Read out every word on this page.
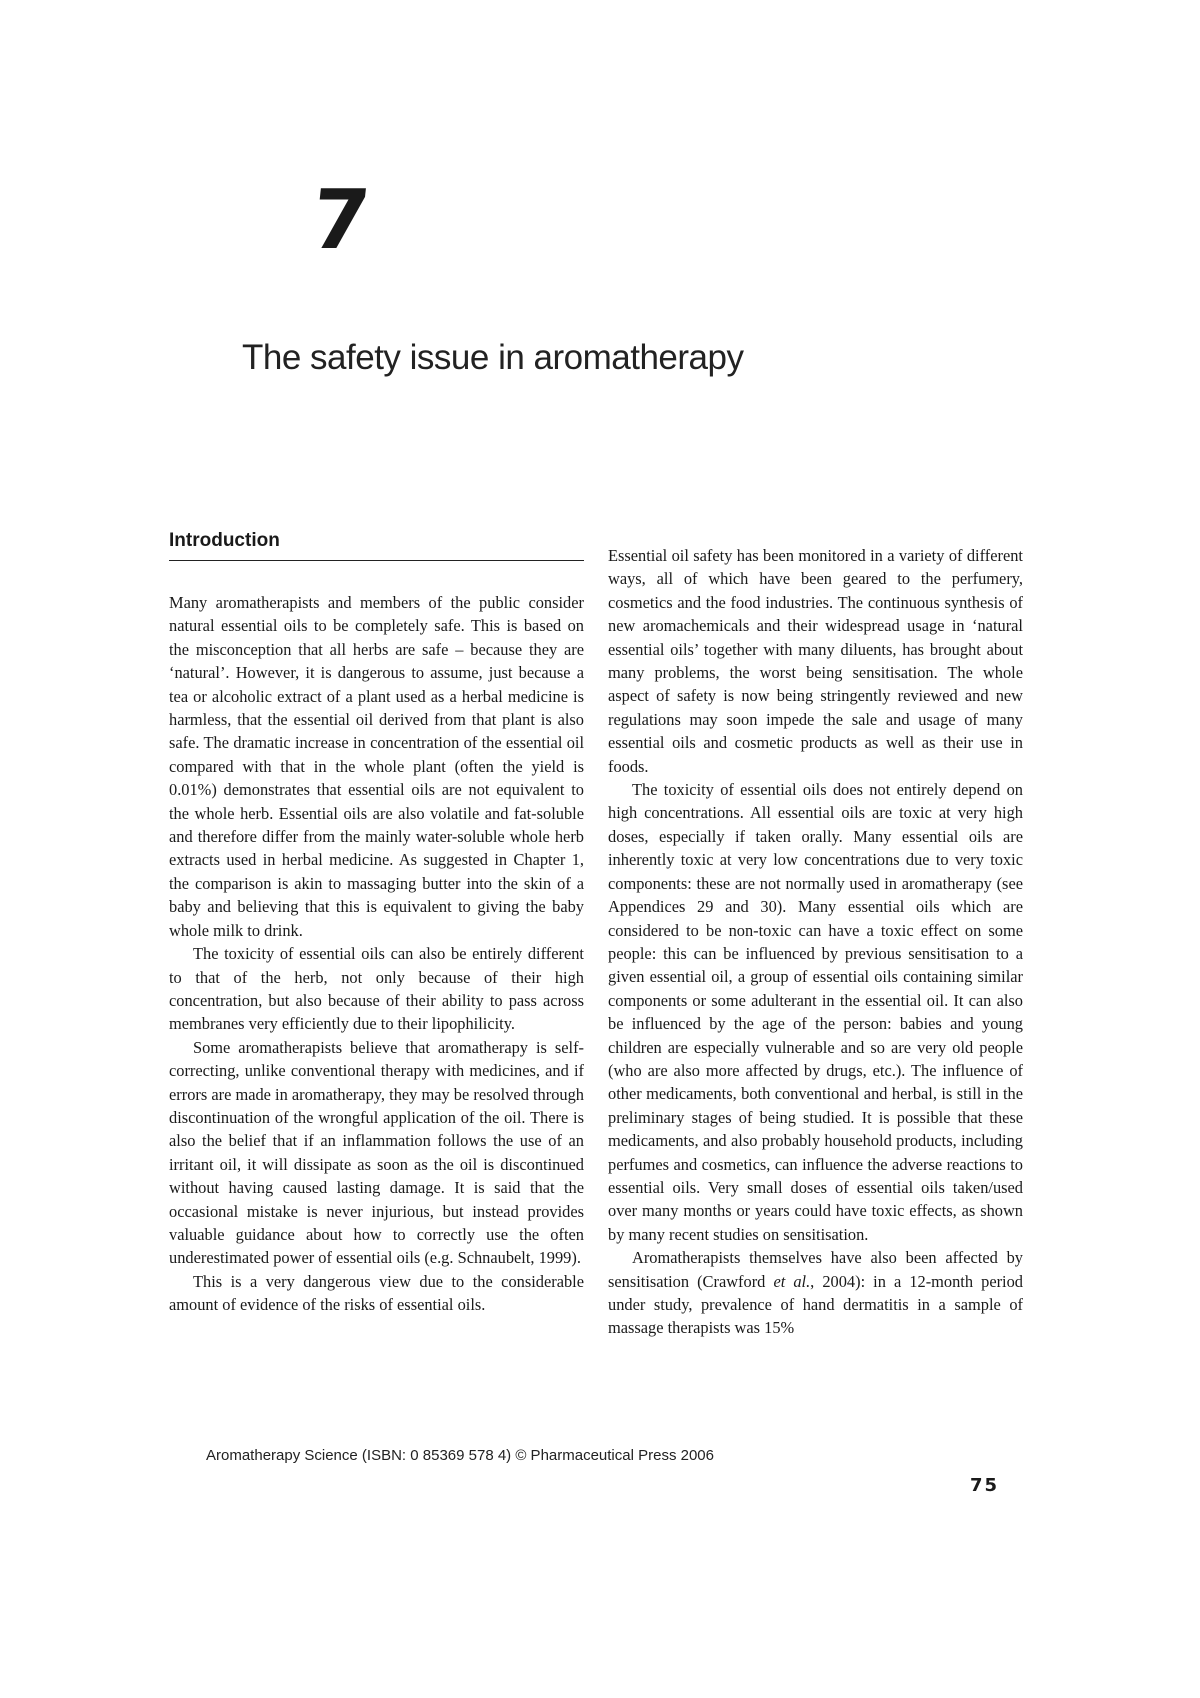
7
The safety issue in aromatherapy
Introduction

Many aromatherapists and members of the public consider natural essential oils to be completely safe. This is based on the misconception that all herbs are safe – because they are ‘natural’. However, it is dangerous to assume, just because a tea or alcoholic extract of a plant used as a herbal medicine is harmless, that the essential oil derived from that plant is also safe. The dramatic increase in concentration of the essential oil compared with that in the whole plant (often the yield is 0.01%) demonstrates that essential oils are not equivalent to the whole herb. Essential oils are also volatile and fat-soluble and therefore differ from the mainly water-soluble whole herb extracts used in herbal medicine. As suggested in Chapter 1, the comparison is akin to massaging butter into the skin of a baby and believing that this is equivalent to giving the baby whole milk to drink.

The toxicity of essential oils can also be entirely different to that of the herb, not only because of their high concentration, but also because of their ability to pass across membranes very efficiently due to their lipophilicity.

Some aromatherapists believe that aromatherapy is self-correcting, unlike conventional therapy with medicines, and if errors are made in aromatherapy, they may be resolved through discontinuation of the wrongful application of the oil. There is also the belief that if an inflammation follows the use of an irritant oil, it will dissipate as soon as the oil is discontinued without having caused lasting damage. It is said that the occasional mistake is never injurious, but instead provides valuable guidance about how to correctly use the often underestimated power of essential oils (e.g. Schnaubelt, 1999).

This is a very dangerous view due to the considerable amount of evidence of the risks of essential oils.

Essential oil safety has been monitored in a variety of different ways, all of which have been geared to the perfumery, cosmetics and the food industries. The continuous synthesis of new aromachemicals and their widespread usage in ‘natural essential oils’ together with many diluents, has brought about many problems, the worst being sensitisation. The whole aspect of safety is now being stringently reviewed and new regulations may soon impede the sale and usage of many essential oils and cosmetic products as well as their use in foods.

The toxicity of essential oils does not entirely depend on high concentrations. All essential oils are toxic at very high doses, especially if taken orally. Many essential oils are inherently toxic at very low concentrations due to very toxic components: these are not normally used in aromatherapy (see Appendices 29 and 30). Many essential oils which are considered to be non-toxic can have a toxic effect on some people: this can be influenced by previous sensitisation to a given essential oil, a group of essential oils containing similar components or some adulterant in the essential oil. It can also be influenced by the age of the person: babies and young children are especially vulnerable and so are very old people (who are also more affected by drugs, etc.). The influence of other medicaments, both conventional and herbal, is still in the preliminary stages of being studied. It is possible that these medicaments, and also probably household products, including perfumes and cosmetics, can influence the adverse reactions to essential oils. Very small doses of essential oils taken/used over many months or years could have toxic effects, as shown by many recent studies on sensitisation.

Aromatherapists themselves have also been affected by sensitisation (Crawford et al., 2004): in a 12-month period under study, prevalence of hand dermatitis in a sample of massage therapists was 15%

Aromatherapy Science (ISBN: 0 85369 578 4) © Pharmaceutical Press 2006

75
